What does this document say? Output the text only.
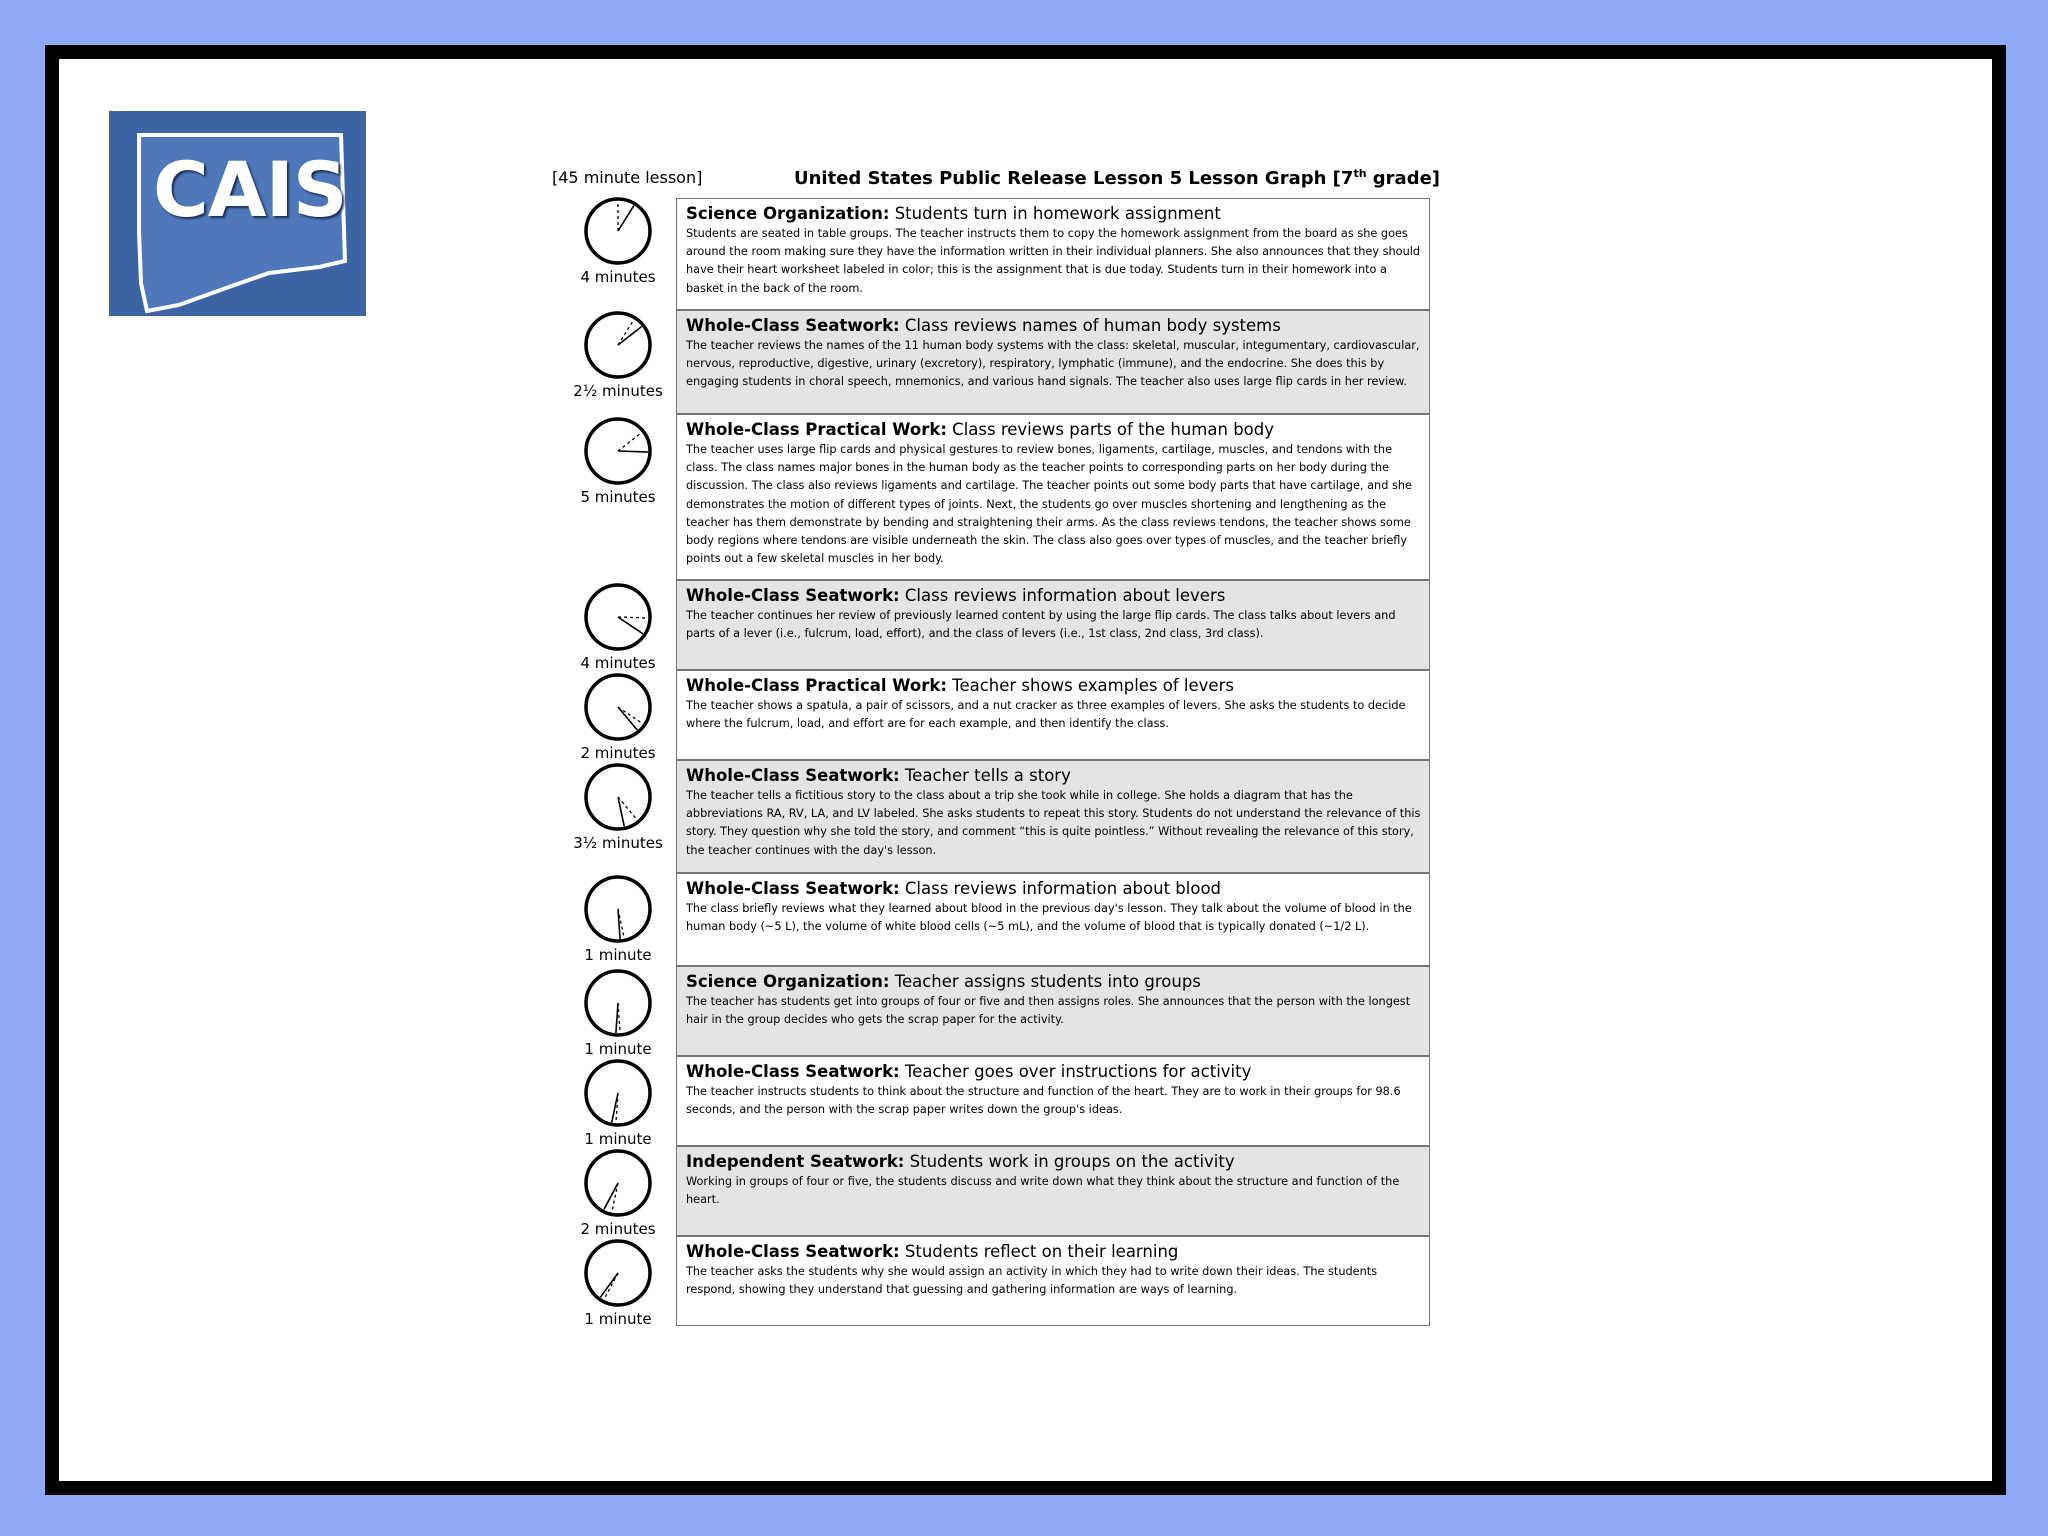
CAIS	[45 minute lesson]	United States Public Release Lesson 5 Lesson Graph [7th grade]
4 minutes
Science Organization: Students turn in homework assignment
Students are seated in table groups. The teacher instructs them to copy the homework assignment from the board as she goes around the room making sure they have the information written in their individual planners. She also announces that they should have their heart worksheet labeled in color; this is the assignment that is due today. Students turn in their homework into a basket in the back of the room.
2½ minutes
Whole-Class Seatwork: Class reviews names of human body systems
The teacher reviews the names of the 11 human body systems with the class: skeletal, muscular, integumentary, cardiovascular, nervous, reproductive, digestive, urinary (excretory), respiratory, lymphatic (immune), and the endocrine. She does this by engaging students in choral speech, mnemonics, and various hand signals. The teacher also uses large flip cards in her review.
5 minutes
Whole-Class Practical Work: Class reviews parts of the human body
The teacher uses large flip cards and physical gestures to review bones, ligaments, cartilage, muscles, and tendons with the class. The class names major bones in the human body as the teacher points to corresponding parts on her body during the discussion. The class also reviews ligaments and cartilage. The teacher points out some body parts that have cartilage, and she demonstrates the motion of different types of joints. Next, the students go over muscles shortening and lengthening as the teacher has them demonstrate by bending and straightening their arms. As the class reviews tendons, the teacher shows some body regions where tendons are visible underneath the skin. The class also goes over types of muscles, and the teacher briefly points out a few skeletal muscles in her body.
4 minutes
Whole-Class Seatwork: Class reviews information about levers
The teacher continues her review of previously learned content by using the large flip cards. The class talks about levers and parts of a lever (i.e., fulcrum, load, effort), and the class of levers (i.e., 1st class, 2nd class, 3rd class).
2 minutes
Whole-Class Practical Work: Teacher shows examples of levers
The teacher shows a spatula, a pair of scissors, and a nut cracker as three examples of levers. She asks the students to decide where the fulcrum, load, and effort are for each example, and then identify the class.
3½ minutes
Whole-Class Seatwork: Teacher tells a story
The teacher tells a fictitious story to the class about a trip she took while in college. She holds a diagram that has the abbreviations RA, RV, LA, and LV labeled. She asks students to repeat this story. Students do not understand the relevance of this story. They question why she told the story, and comment “this is quite pointless.” Without revealing the relevance of this story, the teacher continues with the day's lesson.
1 minute
Whole-Class Seatwork: Class reviews information about blood
The class briefly reviews what they learned about blood in the previous day's lesson. They talk about the volume of blood in the human body (~5 L), the volume of white blood cells (~5 mL), and the volume of blood that is typically donated (~1/2 L).
1 minute
Science Organization: Teacher assigns students into groups
The teacher has students get into groups of four or five and then assigns roles. She announces that the person with the longest hair in the group decides who gets the scrap paper for the activity.
1 minute
Whole-Class Seatwork: Teacher goes over instructions for activity
The teacher instructs students to think about the structure and function of the heart. They are to work in their groups for 98.6 seconds, and the person with the scrap paper writes down the group's ideas.
2 minutes
Independent Seatwork: Students work in groups on the activity
Working in groups of four or five, the students discuss and write down what they think about the structure and function of the heart.
1 minute
Whole-Class Seatwork: Students reflect on their learning
The teacher asks the students why she would assign an activity in which they had to write down their ideas. The students respond, showing they understand that guessing and gathering information are ways of learning.
